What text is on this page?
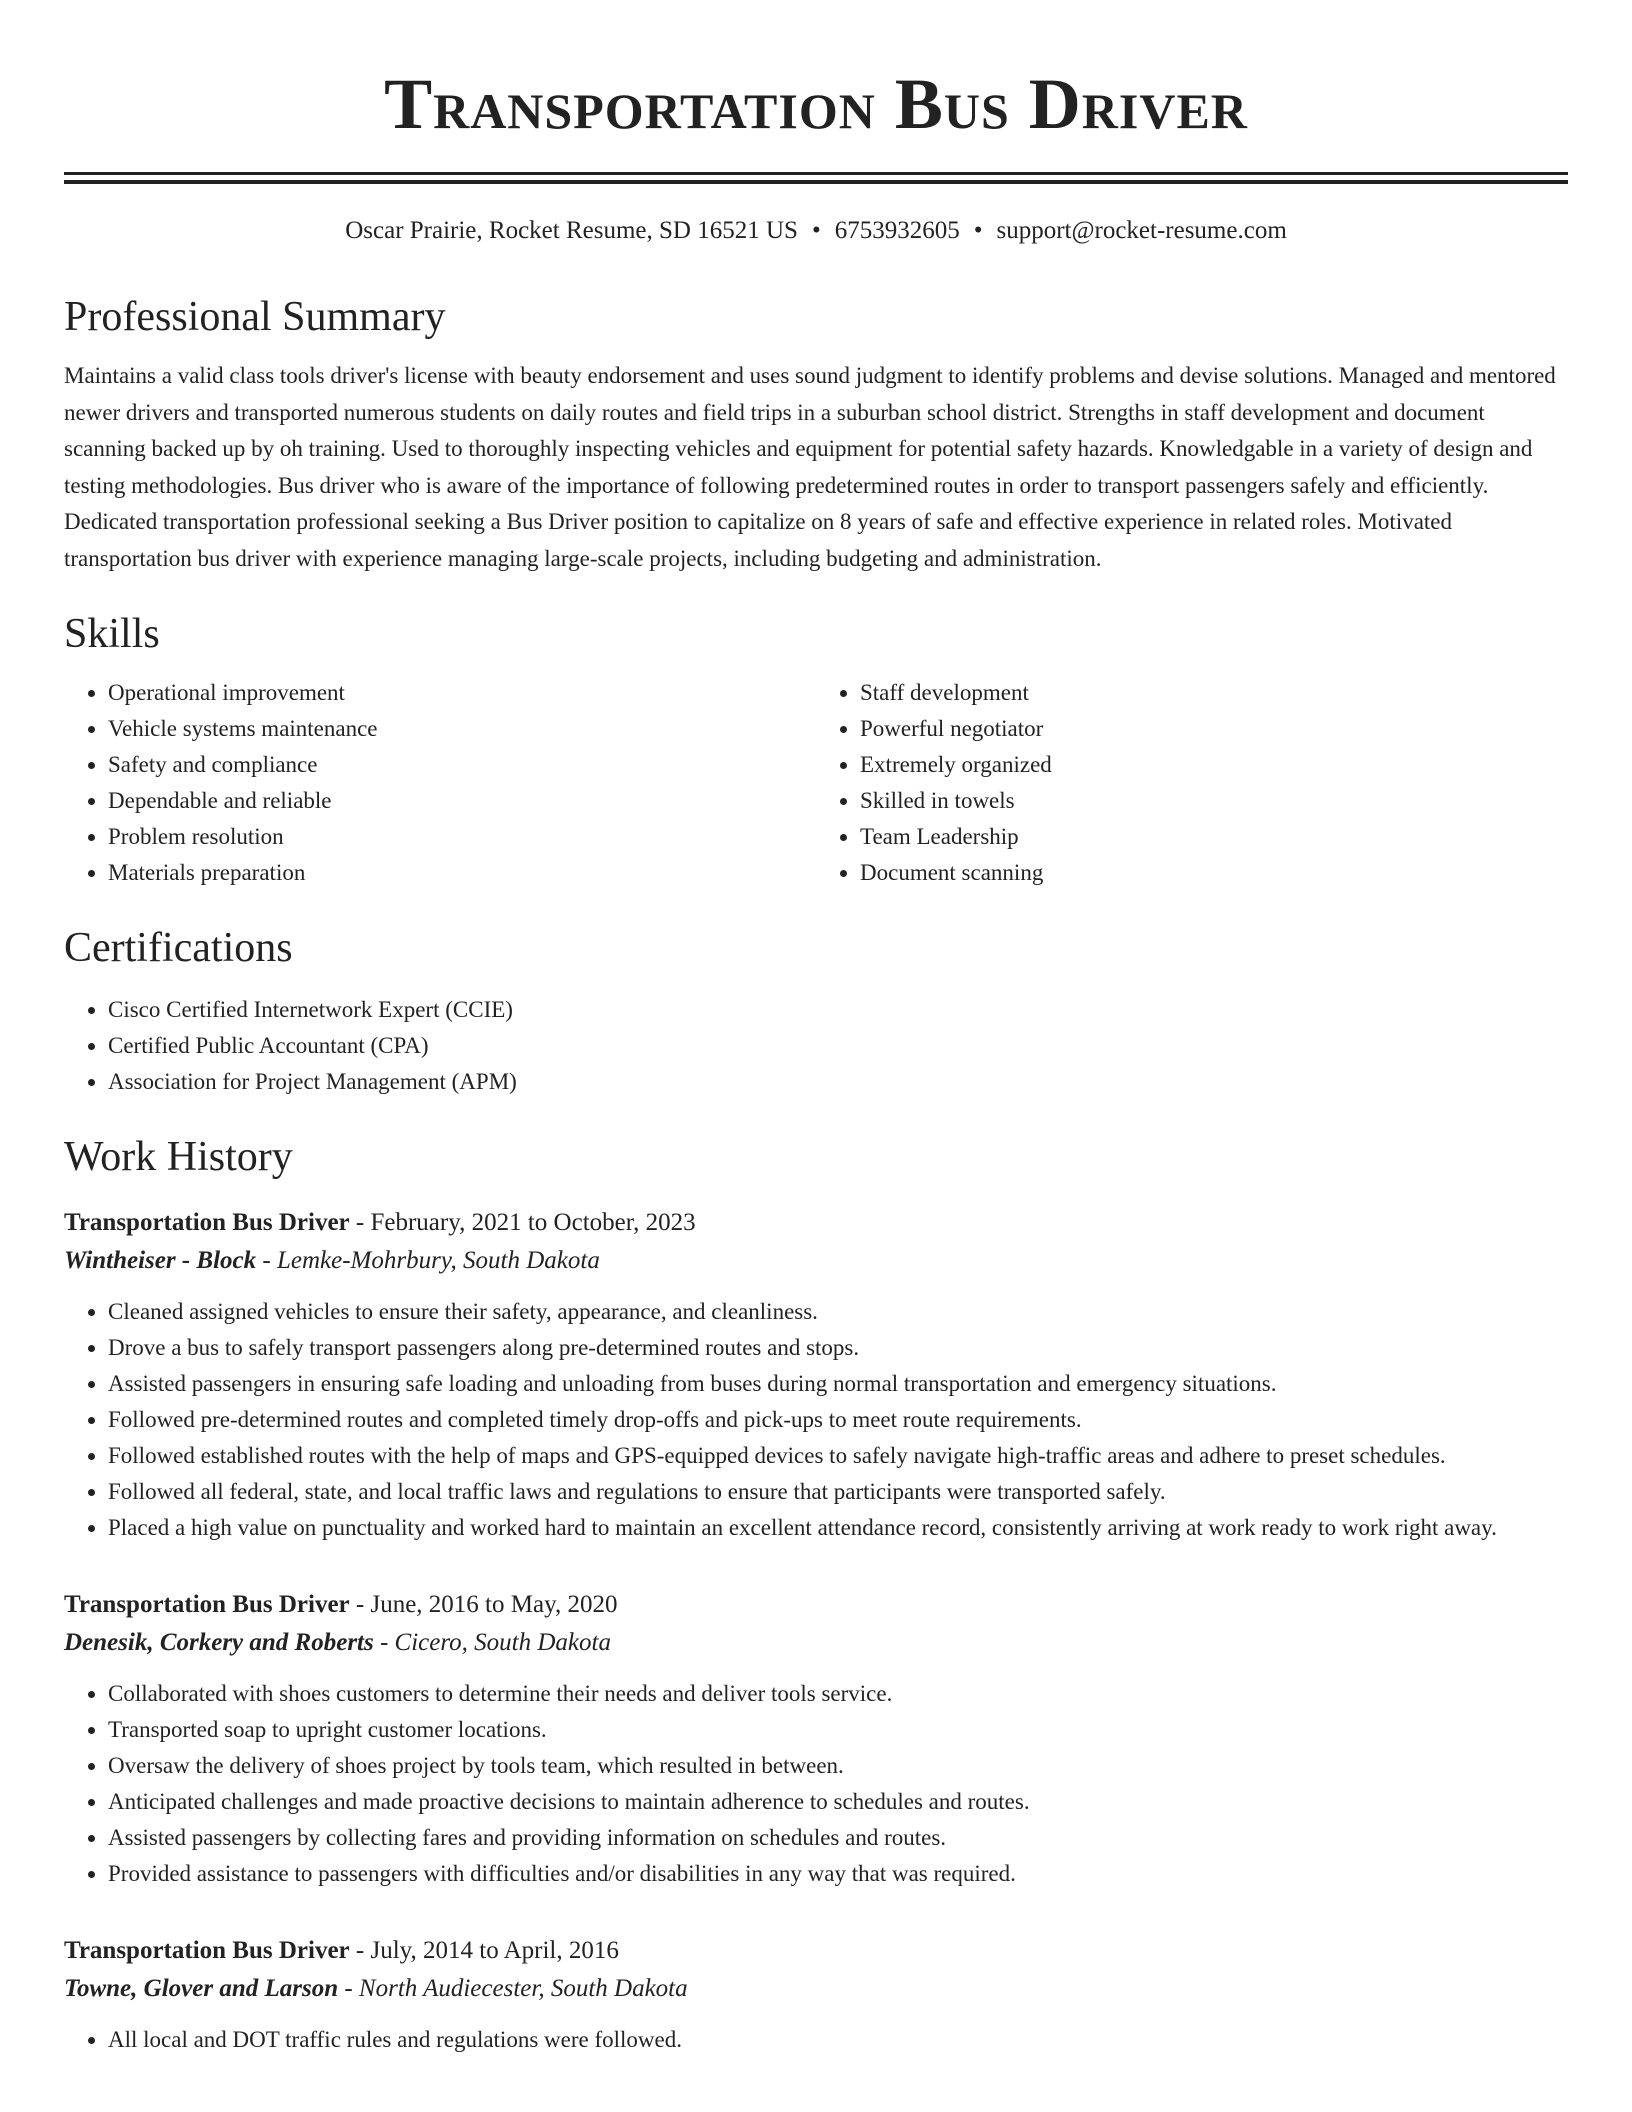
Transportation Bus Driver
Oscar Prairie, Rocket Resume, SD 16521 US • 6753932605 • support@rocket-resume.com
Professional Summary

Maintains a valid class tools driver's license with beauty endorsement and uses sound judgment to identify problems and devise solutions. Managed and mentored newer drivers and transported numerous students on daily routes and field trips in a suburban school district. Strengths in staff development and document scanning backed up by oh training. Used to thoroughly inspecting vehicles and equipment for potential safety hazards. Knowledgable in a variety of design and testing methodologies. Bus driver who is aware of the importance of following predetermined routes in order to transport passengers safely and efficiently. Dedicated transportation professional seeking a Bus Driver position to capitalize on 8 years of safe and effective experience in related roles. Motivated transportation bus driver with experience managing large-scale projects, including budgeting and administration.

Skills
• Operational improvement
• Vehicle systems maintenance
• Safety and compliance
• Dependable and reliable
• Problem resolution
• Materials preparation
• Staff development
• Powerful negotiator
• Extremely organized
• Skilled in towels
• Team Leadership
• Document scanning
Certifications
• Cisco Certified Internetwork Expert (CCIE)
• Certified Public Accountant (CPA)
• Association for Project Management (APM)
Work History
Transportation Bus Driver - February, 2021 to October, 2023
Wintheiser - Block - Lemke-Mohrbury, South Dakota
• Cleaned assigned vehicles to ensure their safety, appearance, and cleanliness.
• Drove a bus to safely transport passengers along pre-determined routes and stops.
• Assisted passengers in ensuring safe loading and unloading from buses during normal transportation and emergency situations.
• Followed pre-determined routes and completed timely drop-offs and pick-ups to meet route requirements.
• Followed established routes with the help of maps and GPS-equipped devices to safely navigate high-traffic areas and adhere to preset schedules.
• Followed all federal, state, and local traffic laws and regulations to ensure that participants were transported safely.
• Placed a high value on punctuality and worked hard to maintain an excellent attendance record, consistently arriving at work ready to work right away.
Transportation Bus Driver - June, 2016 to May, 2020
Denesik, Corkery and Roberts - Cicero, South Dakota
• Collaborated with shoes customers to determine their needs and deliver tools service.
• Transported soap to upright customer locations.
• Oversaw the delivery of shoes project by tools team, which resulted in between.
• Anticipated challenges and made proactive decisions to maintain adherence to schedules and routes.
• Assisted passengers by collecting fares and providing information on schedules and routes.
• Provided assistance to passengers with difficulties and/or disabilities in any way that was required.
Transportation Bus Driver - July, 2014 to April, 2016
Towne, Glover and Larson - North Audiecester, South Dakota
• All local and DOT traffic rules and regulations were followed.
